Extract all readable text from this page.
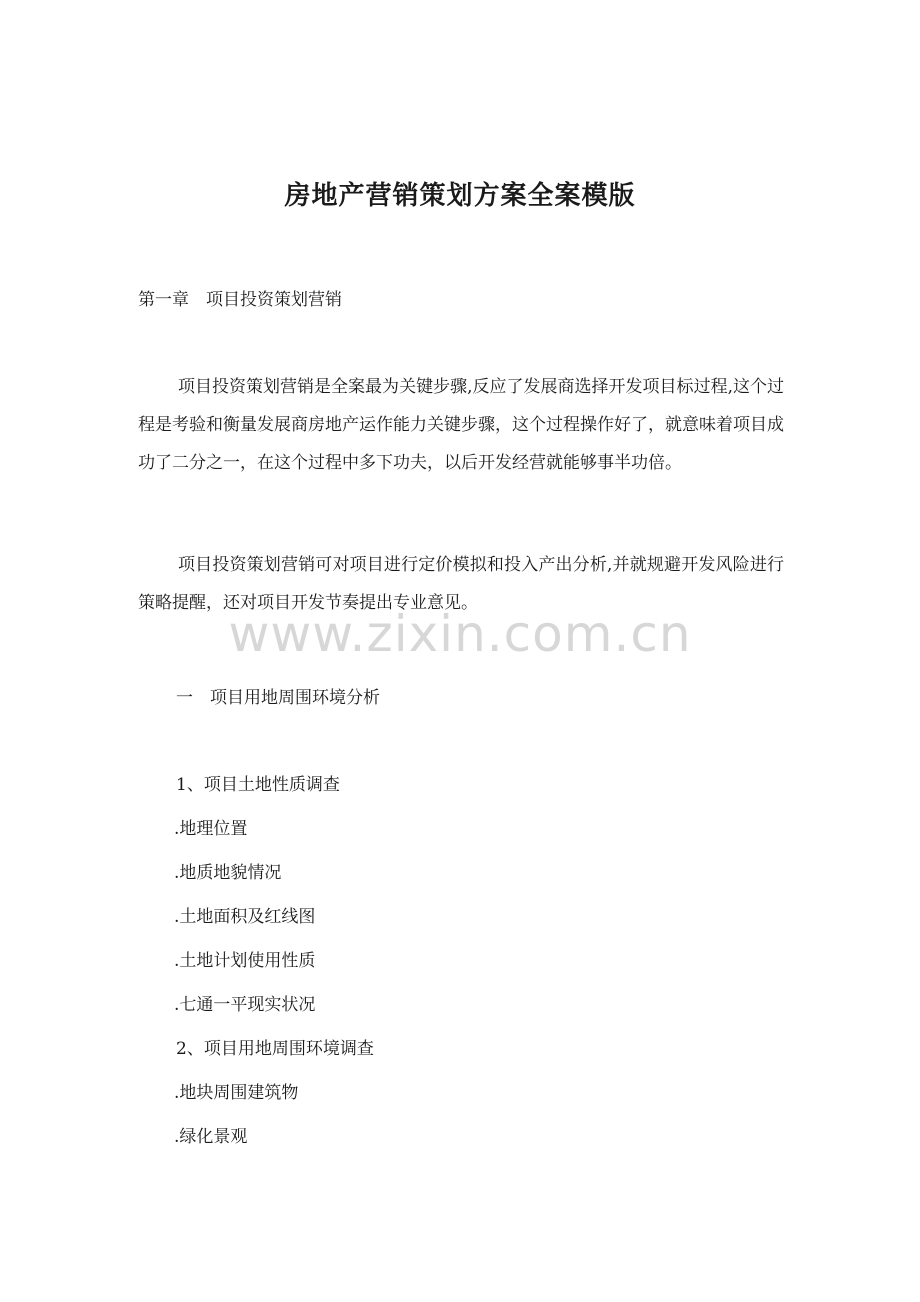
房地产营销策划方案全案模版
第一章　项目投资策划营销
项目投资策划营销是全案最为关键步骤,反应了发展商选择开发项目标过程,这个过程是考验和衡量发展商房地产运作能力关键步骤，这个过程操作好了，就意味着项目成功了二分之一，在这个过程中多下功夫，以后开发经营就能够事半功倍。
项目投资策划营销可对项目进行定价模拟和投入产出分析,并就规避开发风险进行策略提醒，还对项目开发节奏提出专业意见。
www.zixin.com.cn
一　项目用地周围环境分析
1、项目土地性质调查
.地理位置
.地质地貌情况
.土地面积及红线图
.土地计划使用性质
.七通一平现实状况
2、项目用地周围环境调查
.地块周围建筑物
.绿化景观
